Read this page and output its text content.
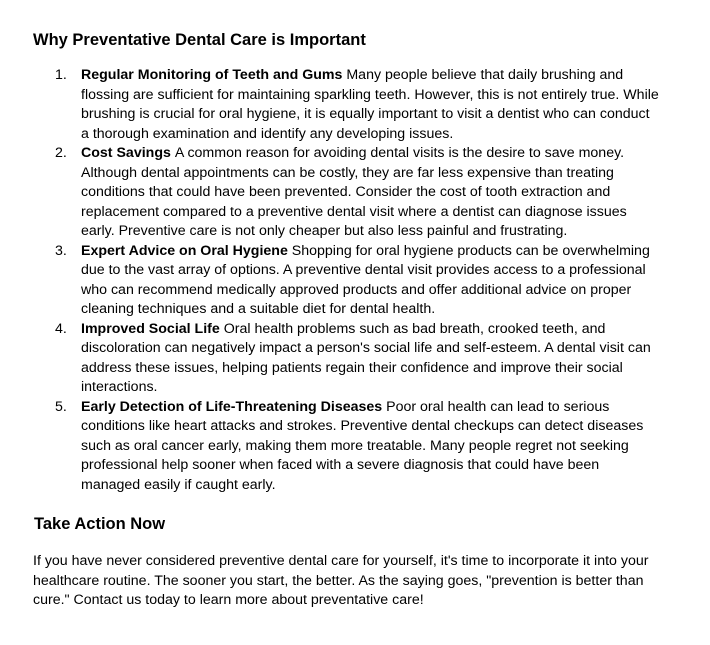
Why Preventative Dental Care is Important
1. Regular Monitoring of Teeth and Gums Many people believe that daily brushing and flossing are sufficient for maintaining sparkling teeth. However, this is not entirely true. While brushing is crucial for oral hygiene, it is equally important to visit a dentist who can conduct a thorough examination and identify any developing issues.
2. Cost Savings A common reason for avoiding dental visits is the desire to save money. Although dental appointments can be costly, they are far less expensive than treating conditions that could have been prevented. Consider the cost of tooth extraction and replacement compared to a preventive dental visit where a dentist can diagnose issues early. Preventive care is not only cheaper but also less painful and frustrating.
3. Expert Advice on Oral Hygiene Shopping for oral hygiene products can be overwhelming due to the vast array of options. A preventive dental visit provides access to a professional who can recommend medically approved products and offer additional advice on proper cleaning techniques and a suitable diet for dental health.
4. Improved Social Life Oral health problems such as bad breath, crooked teeth, and discoloration can negatively impact a person's social life and self-esteem. A dental visit can address these issues, helping patients regain their confidence and improve their social interactions.
5. Early Detection of Life-Threatening Diseases Poor oral health can lead to serious conditions like heart attacks and strokes. Preventive dental checkups can detect diseases such as oral cancer early, making them more treatable. Many people regret not seeking professional help sooner when faced with a severe diagnosis that could have been managed easily if caught early.
Take Action Now

If you have never considered preventive dental care for yourself, it's time to incorporate it into your healthcare routine. The sooner you start, the better. As the saying goes, "prevention is better than cure." Contact us today to learn more about preventative care!
